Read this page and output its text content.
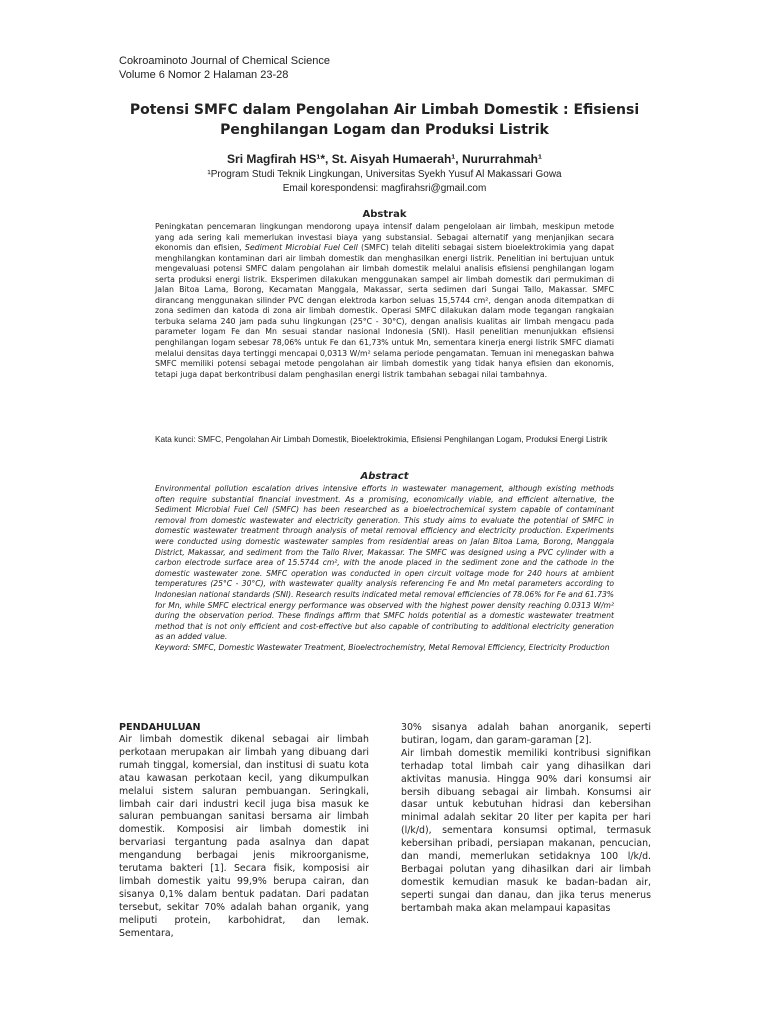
Cokroaminoto Journal of Chemical Science
Volume 6 Nomor 2 Halaman 23-28
Potensi SMFC dalam Pengolahan Air Limbah Domestik : Efisiensi Penghilangan Logam dan Produksi Listrik
Sri Magfirah HS¹*, St. Aisyah Humaerah¹, Nururrahmah¹
¹Program Studi Teknik Lingkungan, Universitas Syekh Yusuf Al Makassari Gowa
Email korespondensi: magfirahsri@gmail.com
Abstrak
Peningkatan pencemaran lingkungan mendorong upaya intensif dalam pengelolaan air limbah, meskipun metode yang ada sering kali memerlukan investasi biaya yang substansial. Sebagai alternatif yang menjanjikan secara ekonomis dan efisien, Sediment Microbial Fuel Cell (SMFC) telah diteliti sebagai sistem bioelektrokimia yang dapat menghilangkan kontaminan dari air limbah domestik dan menghasilkan energi listrik. Penelitian ini bertujuan untuk mengevaluasi potensi SMFC dalam pengolahan air limbah domestik melalui analisis efisiensi penghilangan logam serta produksi energi listrik. Eksperimen dilakukan menggunakan sampel air limbah domestik dari permukiman di Jalan Bitoa Lama, Borong, Kecamatan Manggala, Makassar, serta sedimen dari Sungai Tallo, Makassar. SMFC dirancang menggunakan silinder PVC dengan elektroda karbon seluas 15,5744 cm², dengan anoda ditempatkan di zona sedimen dan katoda di zona air limbah domestik. Operasi SMFC dilakukan dalam mode tegangan rangkaian terbuka selama 240 jam pada suhu lingkungan (25°C - 30°C), dengan analisis kualitas air limbah mengacu pada parameter logam Fe dan Mn sesuai standar nasional Indonesia (SNI). Hasil penelitian menunjukkan efisiensi penghilangan logam sebesar 78,06% untuk Fe dan 61,73% untuk Mn, sementara kinerja energi listrik SMFC diamati melalui densitas daya tertinggi mencapai 0,0313 W/m² selama periode pengamatan. Temuan ini menegaskan bahwa SMFC memiliki potensi sebagai metode pengolahan air limbah domestik yang tidak hanya efisien dan ekonomis, tetapi juga dapat berkontribusi dalam penghasilan energi listrik tambahan sebagai nilai tambahnya.
Kata kunci: SMFC, Pengolahan Air Limbah Domestik, Bioelektrokimia, Efisiensi Penghilangan Logam, Produksi Energi Listrik
Abstract
Environmental pollution escalation drives intensive efforts in wastewater management, although existing methods often require substantial financial investment. As a promising, economically viable, and efficient alternative, the Sediment Microbial Fuel Cell (SMFC) has been researched as a bioelectrochemical system capable of contaminant removal from domestic wastewater and electricity generation. This study aims to evaluate the potential of SMFC in domestic wastewater treatment through analysis of metal removal efficiency and electricity production. Experiments were conducted using domestic wastewater samples from residential areas on Jalan Bitoa Lama, Borong, Manggala District, Makassar, and sediment from the Tallo River, Makassar. The SMFC was designed using a PVC cylinder with a carbon electrode surface area of 15.5744 cm², with the anode placed in the sediment zone and the cathode in the domestic wastewater zone. SMFC operation was conducted in open circuit voltage mode for 240 hours at ambient temperatures (25°C - 30°C), with wastewater quality analysis referencing Fe and Mn metal parameters according to Indonesian national standards (SNI). Research results indicated metal removal efficiencies of 78.06% for Fe and 61.73% for Mn, while SMFC electrical energy performance was observed with the highest power density reaching 0.0313 W/m² during the observation period. These findings affirm that SMFC holds potential as a domestic wastewater treatment method that is not only efficient and cost-effective but also capable of contributing to additional electricity generation as an added value.
Keyword: SMFC, Domestic Wastewater Treatment, Bioelectrochemistry, Metal Removal Efficiency, Electricity Production
PENDAHULUAN

Air limbah domestik dikenal sebagai air limbah perkotaan merupakan air limbah yang dibuang dari rumah tinggal, komersial, dan institusi di suatu kota atau kawasan perkotaan kecil, yang dikumpulkan melalui sistem saluran pembuangan. Seringkali, limbah cair dari industri kecil juga bisa masuk ke saluran pembuangan sanitasi bersama air limbah domestik. Komposisi air limbah domestik ini bervariasi tergantung pada asalnya dan dapat mengandung berbagai jenis mikroorganisme, terutama bakteri [1]. Secara fisik, komposisi air limbah domestik yaitu 99,9% berupa cairan, dan sisanya 0,1% dalam bentuk padatan. Dari padatan tersebut, sekitar 70% adalah bahan organik, yang meliputi protein, karbohidrat, dan lemak. Sementara,

30% sisanya adalah bahan anorganik, seperti butiran, logam, dan garam-garaman [2].

Air limbah domestik memiliki kontribusi signifikan terhadap total limbah cair yang dihasilkan dari aktivitas manusia. Hingga 90% dari konsumsi air bersih dibuang sebagai air limbah. Konsumsi air dasar untuk kebutuhan hidrasi dan kebersihan minimal adalah sekitar 20 liter per kapita per hari (l/k/d), sementara konsumsi optimal, termasuk kebersihan pribadi, persiapan makanan, pencucian, dan mandi, memerlukan setidaknya 100 l/k/d. Berbagai polutan yang dihasilkan dari air limbah domestik kemudian masuk ke badan-badan air, seperti sungai dan danau, dan jika terus menerus bertambah maka akan melampaui kapasitas
